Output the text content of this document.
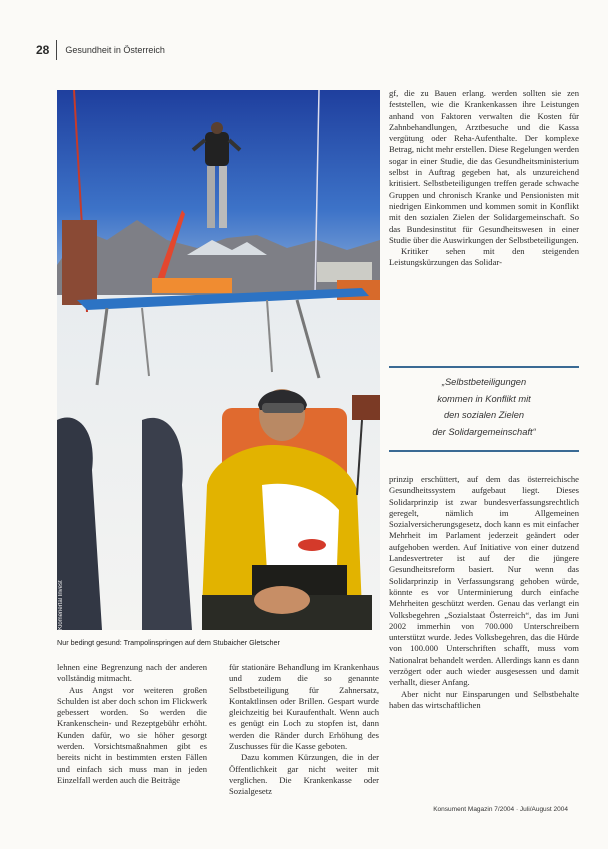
28 Gesundheit in Österreich
Klomeriertal Invest
Nur bedingt gesund: Trampolinspringen auf dem Stubaicher Gletscher

gf, die zu Bauen erlang. werden sollten sie zen feststellen, wie die Krankenkassen ihre Leistungen anhand von Faktoren verwalten die Kosten für Zahnbehandlungen, Arztbesuche und die Kassa vergütung oder Reha-Aufenthalte. Der komplexe Betrag, nicht mehr erstellen. Diese Regelungen werden sogar in einer Studie, die das Gesundheitsministerium selbst in Auftrag gegeben hat, als unzureichend kritisiert. Selbstbeteiligungen treffen gerade schwache Gruppen und chronisch Kranke und Pensionisten mit niedrigen Einkommen und kommen somit in Konflikt mit den sozialen Zielen der Solidargemeinschaft. So das Bundesinstitut für Gesundheitswesen in einer Studie über die Auswirkungen der Selbstbeteiligungen.

Kritiker sehen mit den steigenden Leistungskürzungen das Solidar-

„Selbstbeteiligungen
kommen in Konflikt mit
den sozialen Zielen
der Solidargemeinschaft“

prinzip erschüttert, auf dem das österreichische Gesundheitssystem aufgebaut liegt. Dieses Solidarprinzip ist zwar bundesverfassungsrechtlich geregelt, nämlich im Allgemeinen Sozialversicherungsgesetz, doch kann es mit einfacher Mehrheit im Parlament jederzeit geändert oder aufgehoben werden. Auf Initiative von einer dutzend Landesvertreter ist auf der die jüngere Gesundheitsreform basiert. Nur wenn das Solidarprinzip in Verfassungsrang gehoben würde, könnte es vor Unterminierung durch einfache Mehrheiten geschützt werden. Genau das verlangt ein Volksbegehren „Sozialstaat Österreich“, das im Juni 2002 immerhin von 700.000 Unterschreibern unterstützt wurde. Jedes Volksbegehren, das die Hürde von 100.000 Unterschriften schafft, muss vom Nationalrat behandelt werden. Allerdings kann es dann verzögert oder auch wieder ausgesessen und damit verhallt, dieser Anfang.

Aber nicht nur Einsparungen und Selbstbehalte haben das wirtschaftlichen

lehnen eine Begrenzung nach der anderen vollständig mitmacht.

Aus Angst vor weiteren großen Schulden ist aber doch schon im Flickwerk gebessert worden. So werden die Krankenschein- und Rezeptgebühr erhöht. Kunden dafür, wo sie höher gesorgt werden. Vorsichtsmaßnahmen gibt es bereits nicht in bestimmten ersten Fällen und einfach sich muss man in jeden Einzelfall werden auch die Beiträge

für stationäre Behandlung im Krankenhaus und zudem die so genannte Selbstbeteiligung für Zahnersatz, Kontaktlinsen oder Brillen. Gespart wurde gleichzeitig bei Kuraufenthalt. Wenn auch es genügt ein Loch zu stopfen ist, dann werden die Ränder durch Erhöhung des Zuschusses für die Kasse geboten.

Dazu kommen Kürzungen, die in der Öffentlichkeit gar nicht weiter mit verglichen. Die Krankenkasse oder Sozialgesetz

Konsument Magazin 7/2004 · Juli/August 2004
